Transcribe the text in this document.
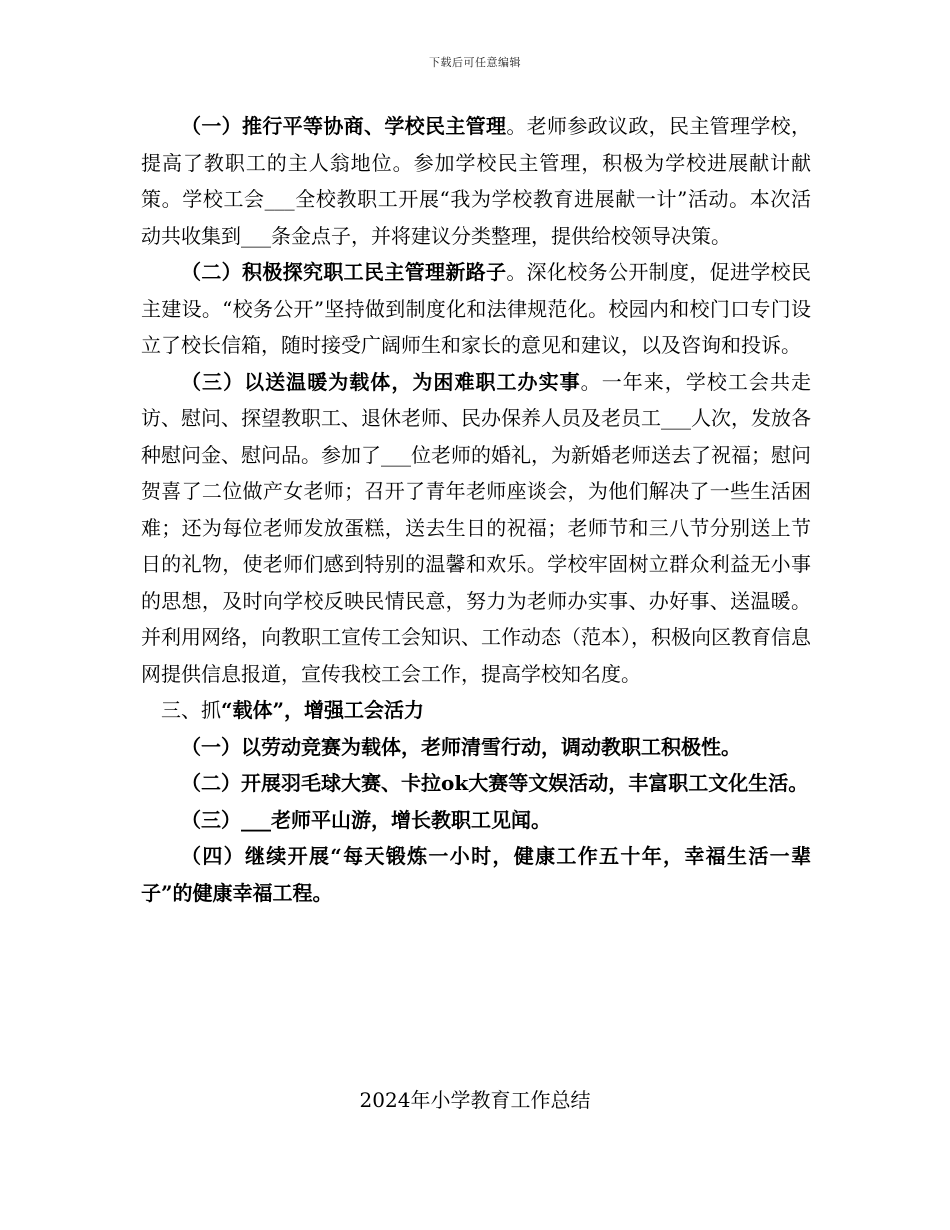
下载后可任意编辑

（一）推行平等协商、学校民主管理。老师参政议政，民主管理学校，提高了教职工的主人翁地位。参加学校民主管理，积极为学校进展献计献策。学校工会___全校教职工开展“我为学校教育进展献一计”活动。本次活动共收集到___条金点子，并将建议分类整理，提供给校领导决策。

（二）积极探究职工民主管理新路子。深化校务公开制度，促进学校民主建设。“校务公开”坚持做到制度化和法律规范化。校园内和校门口专门设立了校长信箱，随时接受广阔师生和家长的意见和建议，以及咨询和投诉。

（三）以送温暖为载体，为困难职工办实事。一年来，学校工会共走访、慰问、探望教职工、退休老师、民办保养人员及老员工___人次，发放各种慰问金、慰问品。参加了___位老师的婚礼，为新婚老师送去了祝福；慰问贺喜了二位做产女老师；召开了青年老师座谈会，为他们解决了一些生活困难；还为每位老师发放蛋糕，送去生日的祝福；老师节和三八节分别送上节日的礼物，使老师们感到特别的温馨和欢乐。学校牢固树立群众利益无小事的思想，及时向学校反映民情民意，努力为老师办实事、办好事、送温暖。并利用网络，向教职工宣传工会知识、工作动态（范本），积极向区教育信息网提供信息报道，宣传我校工会工作，提高学校知名度。

三、抓“载体”，增强工会活力

（一）以劳动竞赛为载体，老师清雪行动，调动教职工积极性。

（二）开展羽毛球大赛、卡拉ok大赛等文娱活动，丰富职工文化生活。

（三）___老师平山游，增长教职工见闻。

（四）继续开展“每天锻炼一小时，健康工作五十年，幸福生活一辈子”的健康幸福工程。

2024年小学教育工作总结
